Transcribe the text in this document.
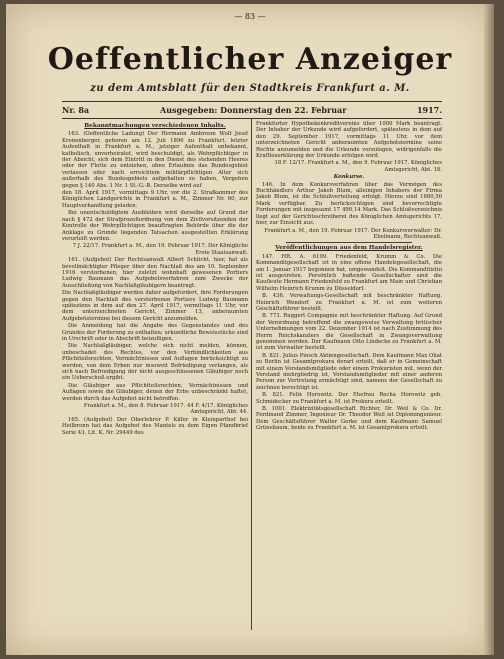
— 83 —
Oeffentlicher Anzeiger
zu dem Amtsblatt für den Stadtkreis Frankfurt a. M.
Nr. 8a	Ausgegeben: Donnerstag den 22. Februar	1917.

Bekanntmachungen verschiedenen Inhalts.

163. (Oeffentliche Ladung) Der Hermann Ambrosm Wolf Josef Kronenberger, geboren am 12. Juli 1896 zu Frankfurt, letzter Aufenthalt in Frankfurt a. M., jetziger Aufenthalt unbekannt, katholisch, unverheiratet, wird beschuldigt, als Wehrpflichtiger in der Absicht, sich dem Eintritt in den Dienst des stehenden Heeres oder der Flotte zu entziehen, ohne Erlaubnis das Bundesgebiet verlassen oder nach erreichtem militärpflichtigen Alter sich außerhalb des Bundesgebiets aufgehalten zu haben, Vergehen gegen § 140 Abs. 1 Nr. 1 St.-G.-B. Derselbe wird auf

den 18. April 1917, vormittags 9 Uhr, vor die 2. Strafkammer des Königlichen Landgerichts in Frankfurt a. M., Zimmer Nr. 60, zur Hauptverhandlung geladen.

Bei unentschuldigtem Ausbleiben wird derselbe auf Grund der nach § 472 der Strafprozeßordnung von dem Zivilvorsitzenden der Kontrolle der Wehrpflichtigen beauftragten Behörde über die der Anklage zu Grunde liegenden Tatsachen ausgestellten Erklärung verurteilt werden.

7 J. 22/17. Frankfurt a. M., den 19. Februar 1917. Der Königliche Erste Staatsanwalt.

161. (Aufgebot) Der Rechtsanwalt Albert Schlicht, hier, hat als bevollmächtigter Pfleger über den Nachlaß des am 10. September 1916 verstorbenen, hier zuletzt wohnhaft gewesenen Portiers Ludwig Baumann das Aufgebotsverfahren zum Zwecke der Ausschließung von Nachlaßgläubigern beantragt.

Die Nachlaßgläubiger werden daher aufgefordert, ihre Forderungen gegen den Nachlaß des verstorbenen Portiers Ludwig Baumann spätestens in dem auf den 27. April 1917, vormittags 11 Uhr, vor dem unterzeichneten Gericht, Zimmer 13, anberaumten Aufgebotstermine bei diesem Gericht anzumelden.

Die Anmeldung hat die Angabe des Gegenstandes und des Grundes der Forderung zu enthalten; urkundliche Beweisstücke sind in Urschrift oder in Abschrift beizufügen.

Die Nachlaßgläubiger, welche sich nicht melden, können, unbeschadet des Rechtes, vor den Verbindlichkeiten aus Pflichtteilsrechten, Vermächtnissen und Auflagen berücksichtigt zu werden, von dem Erben nur insoweit Befriedigung verlangen, als sich nach Befriedigung der nicht ausgeschlossenen Gläubiger noch ein Ueberschuß ergibt.

Die Gläubiger aus Pflichtteilsrechten, Vermächtnissen und Auflagen sowie die Gläubiger, denen der Erbe unbeschränkt haftet, werden durch das Aufgebot nicht betroffen.

Frankfurt a. M., den 8. Februar 1917. 44 F. 4/17. Königliches Amtsgericht, Abt. 44.

165. (Aufgebot) Der Oberlehrer P. Käfer in Kleinparthof bei Heilbronn hat das Aufgebot des Mantels zu dem Eigen Pfandbrief Serie 43, Lit. K. Nr. 29449 des

Frankfurter Hypothekenkreditvereins über 1000 Mark beantragt. Der Inhaber der Urkunde wird aufgefordert, spätestens in dem auf den 29. September 1917, vormittags 11 Uhr, vor dem unterzeichneten Gericht anberaumten Aufgebotstermine seine Rechte anzumelden und die Urkunde vorzulegen, widrigenfalls die Kraftloserklärung der Urkunde erfolgen wird.

18 F. 12/17. Frankfurt a. M., den 9. Februar 1917. Königliches Amtsgericht, Abt. 18.

Konkurse.

146. In dem Konkursverfahren über das Vermögen des Buchhändlers Arthur Jakob Blum, alleinigen Inhabers der Firma Jakob Blum, ist die Schlußverteilung erfolgt. Hierzu sind 1680,50 Mark verfügbar. Zu berücksichtigen sind bevorrechtigte Forderungen mit insgesamt 17 490,14 Mark. Das Schlußverzeichnis liegt auf der Gerichtsschreiberei des Königlichen Amtsgerichts 17, hier, zur Einsicht aus.

Frankfurt a. M., den 19. Februar 1917. Der Konkursverwalter: Dr. Ebelmann, Rechtsanwalt.

Veröffentlichungen aus dem Handelsregister.

147. HR. A. 6199. Friedenfeld, Krumm & Co. Die Kommanditgesellschaft ist in eine offene Handelsgesellschaft, die am 1. Januar 1917 begonnen hat, umgewandelt. Die Kommanditistin ist ausgetreten. Persönlich haftende Gesellschafter sind die Kaufleute Hermann Friedenfeld zu Frankfurt am Main und Christian Wilhelm Heinrich Krumm zu Düsseldorf.

B. 436. Verwaltungs-Gesellschaft mit beschränkter Haftung. Heinrich Wendorf zu Frankfurt a. M. ist zum weiteren Geschäftsführer bestellt.

B. 773. Ruggert Compagnie mit beschränkter Haftung. Auf Grund der Verordnung betreffend die zwangsweise Verwaltung britischer Unternehmungen vom 22. Dezember 1914 ist nach Zustimmung des Herrn Reichskanzlers die Gesellschaft in Zwangsverwaltung genommen worden. Der Kaufmann Otto Lindecke zu Frankfurt a. M. ist zum Verwalter bestellt.

B. 821. Julius Pinsch Aktiengesellschaft. Dem Kaufmann Max Oliat zu Berlin ist Gesamtprokura derart erteilt, daß er in Gemeinschaft mit einem Vorstandsmitgliede oder einem Prokuristen mit, wenn der Vorstand mehrgliedrig ist, Vorstandsmitglieder mit einer anderen Person zur Vertretung ermächtigt sind, namens der Gesellschaft zu zeichnen berechtigt ist.

B. 821. Felix Horowitz. Der Ehefrau Recha Horowitz geb. Schmidecker zu Frankfurt a. M. ist Prokura erteilt.

B. 1001. Elektrizitätsgesellschaft Richter, Dr. Weil & Co. Dr. Ferdinand Zimmer, Ingenieur Dr. Theodor Weil ist Diplomingenieur. Dem Geschäftsführer Walter Gerke und dem Kaufmann Samuel Grünebaum, beide zu Frankfurt a. M. ist Gesamtprokura erteilt.
